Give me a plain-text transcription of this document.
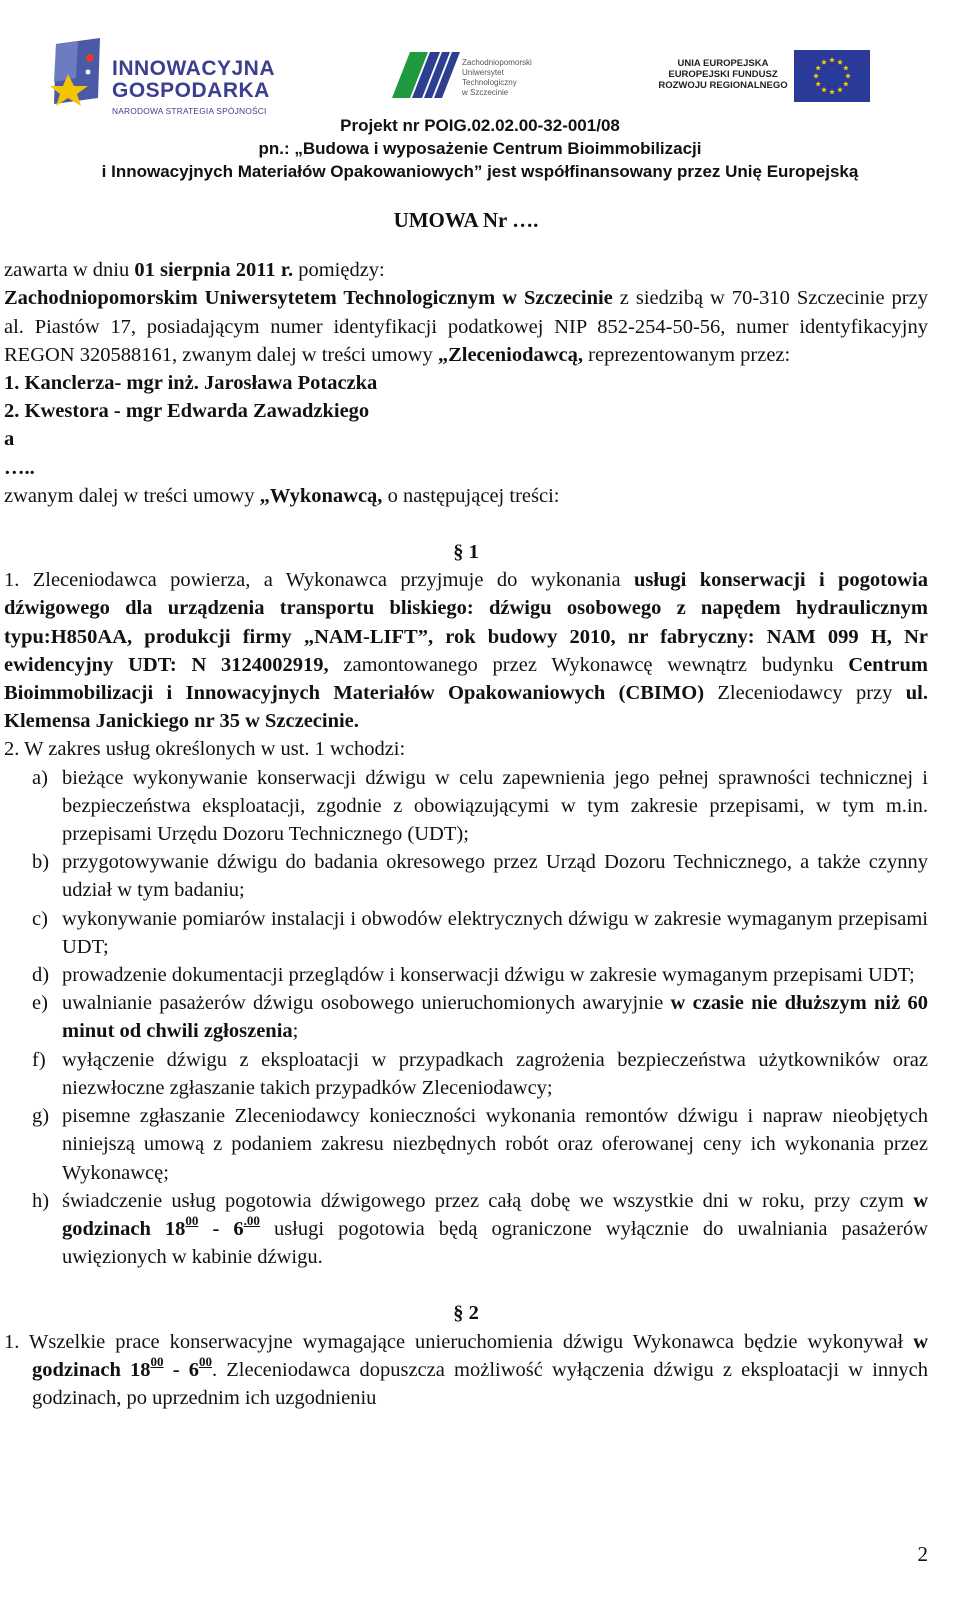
INNOWACYJNA
GOSPODARKA
NARODOWA STRATEGIA SPÓJNOŚCI
Zachodniopomorski
Uniwersytet
Technologiczny
w Szczecinie
UNIA EUROPEJSKA
EUROPEJSKI FUNDUSZ
ROZWOJU REGIONALNEGO
Projekt nr POIG.02.02.00-32-001/08
pn.: „Budowa i wyposażenie Centrum Bioimmobilizacji
i Innowacyjnych Materiałów Opakowaniowych” jest współfinansowany przez Unię Europejską

UMOWA Nr ….

zawarta w dniu 01 sierpnia 2011 r. pomiędzy:

Zachodniopomorskim Uniwersytetem Technologicznym w Szczecinie z siedzibą w 70-310 Szczecinie przy al. Piastów 17, posiadającym numer identyfikacji podatkowej NIP 852-254-50-56, numer identyfikacyjny REGON 320588161, zwanym dalej w treści umowy „Zleceniodawcą, reprezentowanym przez:

1. Kanclerza- mgr inż. Jarosława Potaczka

2. Kwestora - mgr Edwarda Zawadzkiego

a

…..

zwanym dalej w treści umowy „Wykonawcą, o następującej treści:

§ 1

1. Zleceniodawca powierza, a Wykonawca przyjmuje do wykonania usługi konserwacji i pogotowia dźwigowego dla urządzenia transportu bliskiego: dźwigu osobowego z napędem hydraulicznym typu:H850AA, produkcji firmy „NAM-LIFT”, rok budowy 2010, nr fabryczny: NAM 099 H, Nr ewidencyjny UDT: N 3124002919, zamontowanego przez Wykonawcę wewnątrz budynku Centrum Bioimmobilizacji i Innowacyjnych Materiałów Opakowaniowych (CBIMO) Zleceniodawcy przy ul. Klemensa Janickiego nr 35 w Szczecinie.

2. W zakres usług określonych w ust. 1 wchodzi:

a) bieżące wykonywanie konserwacji dźwigu w celu zapewnienia jego pełnej sprawności technicznej i bezpieczeństwa eksploatacji, zgodnie z obowiązującymi w tym zakresie przepisami, w tym m.in. przepisami Urzędu Dozoru Technicznego (UDT);
b) przygotowywanie dźwigu do badania okresowego przez Urząd Dozoru Technicznego, a także czynny udział w tym badaniu;
c) wykonywanie pomiarów instalacji i obwodów elektrycznych dźwigu w zakresie wymaganym przepisami UDT;
d) prowadzenie dokumentacji przeglądów i konserwacji dźwigu w zakresie wymaganym przepisami UDT;
e) uwalnianie pasażerów dźwigu osobowego unieruchomionych awaryjnie w czasie nie dłuższym niż 60 minut od chwili zgłoszenia;
f) wyłączenie dźwigu z eksploatacji w przypadkach zagrożenia bezpieczeństwa użytkowników oraz niezwłoczne zgłaszanie takich przypadków Zleceniodawcy;
g) pisemne zgłaszanie Zleceniodawcy konieczności wykonania remontów dźwigu i napraw nieobjętych niniejszą umową z podaniem zakresu niezbędnych robót oraz oferowanej ceny ich wykonania przez Wykonawcę;
h) świadczenie usług pogotowia dźwigowego przez całą dobę we wszystkie dni w roku, przy czym w godzinach $18^{00} - 6^{.00}$ usługi pogotowia będą ograniczone wyłącznie do uwalniania pasażerów uwięzionych w kabinie dźwigu.

§ 2

1. Wszelkie prace konserwacyjne wymagające unieruchomienia dźwigu Wykonawca będzie wykonywał w godzinach $18^{00} - 6^{00}$. Zleceniodawca dopuszcza możliwość wyłączenia dźwigu z eksploatacji w innych godzinach, po uprzednim ich uzgodnieniu

2
